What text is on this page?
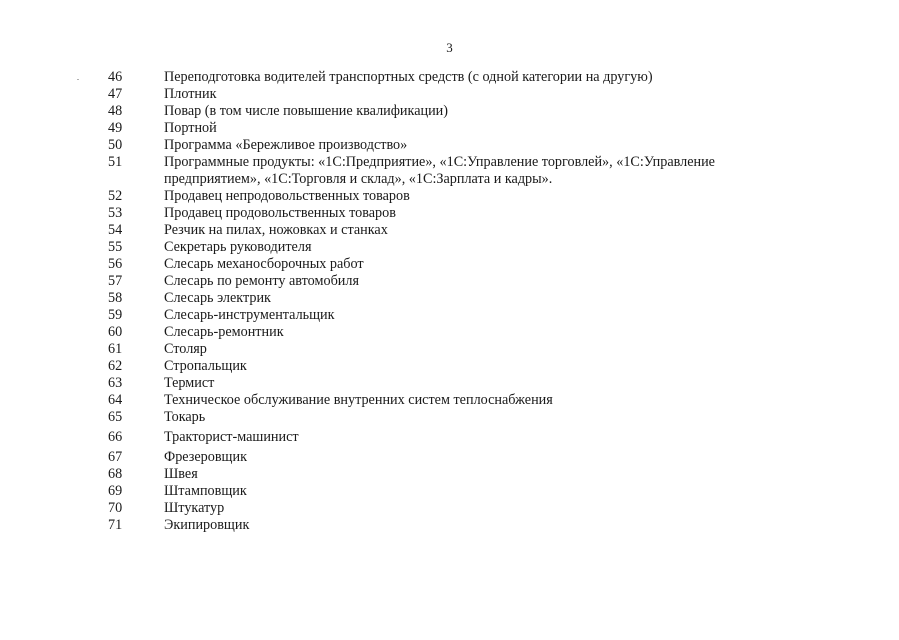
3
46	Переподготовка водителей транспортных средств (с одной категории на другую)
47	Плотник
48	Повар (в том числе повышение квалификации)
49	Портной
50	Программа «Бережливое производство»
51	Программные продукты: «1С:Предприятие», «1С:Управление торговлей», «1С:Управление
предприятием», «1С:Торговля и склад», «1С:Зарплата и кадры».
52	Продавец непродовольственных товаров
53	Продавец продовольственных товаров
54	Резчик на пилах, ножовках и станках
55	Секретарь руководителя
56	Слесарь механосборочных работ
57	Слесарь по ремонту автомобиля
58	Слесарь электрик
59	Слесарь-инструментальщик
60	Слесарь-ремонтник
61	Столяр
62	Стропальщик
63	Термист
64	Техническое обслуживание внутренних систем теплоснабжения
65	Токарь
66	Тракторист-машинист
67	Фрезеровщик
68	Швея
69	Штамповщик
70	Штукатур
71	Экипировщик
